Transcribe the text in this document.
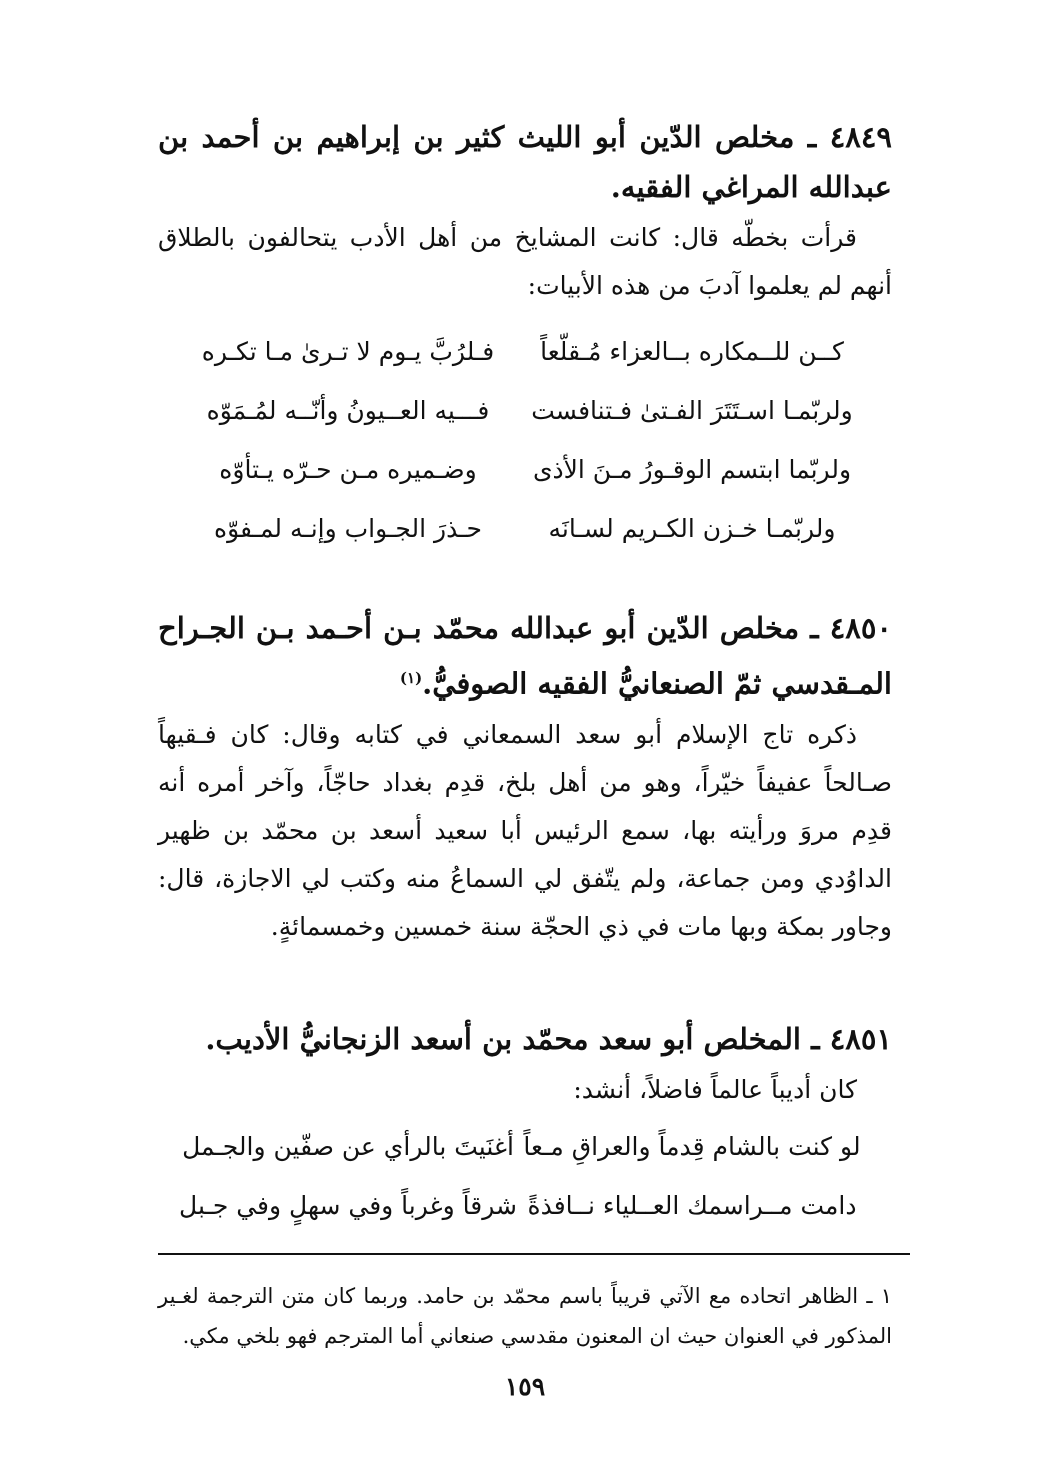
٤٨٤٩ ـ مخلص الدّين أبو الليث كثير بن إبراهيم بن أحمد بن عبدالله المراغي الفقيه.

قرأت بخطّه قال: كانت المشايخ من أهل الأدب يتحالفون بالطلاق أنهم لم يعلموا آدبَ من هذه الأبيات:

كــن للــمكاره بــالعزاء مُـقلّعاً
فـلرُبَّ يـوم لا تـرىٰ مـا تكـره
ولربّمـا اسـتَتَرَ الفـتىٰ فـتنافست
فـــيه العــيونُ وأنّــه لمُـمَوّه
ولربّما ابتسم الوقـورُ مـنَ الأذى
وضـميره مـن حـرّه يـتأوّه
ولربّمـا خـزن الكـريم لسـانَه
حـذرَ الجـواب وإنـه لمـفوّه

٤٨٥٠ ـ مخلص الدّين أبو عبدالله محمّد بـن أحـمد بـن الجـراح المـقدسي ثمّ الصنعانيُّ الفقيه الصوفيُّ.$^{(١)}$

ذكره تاج الإسلام أبو سعد السمعاني في كتابه وقال: كان فـقيهاً صـالحاً عفيفاً خيّراً، وهو من أهل بلخ، قدِم بغداد حاجّاً، وآخر أمره أنه قدِم مروَ ورأيته بها، سمع الرئيس أبا سعيد أسعد بن محمّد بن ظهير الداوُدي ومن جماعة، ولم يتّفق لي السماعُ منه وكتب لي الاجازة، قال: وجاور بمكة وبها مات في ذي الحجّة سنة خمسين وخمسمائةٍ.

٤٨٥١ ـ المخلص أبو سعد محمّد بن أسعد الزنجانيُّ الأديب.

كان أديباً عالماً فاضلاً، أنشد:

لو كنت بالشام قِدماً والعراقِ مـعاً
أغنَيتَ بالرأي عن صفّين والجـمل
دامت مــراسمك العــلياء نــافذةً
شرقاً وغرباً وفي سهلٍ وفي جـبل

١ ـ الظاهر اتحاده مع الآتي قريباً باسم محمّد بن حامد. وربما كان متن الترجمة لغـير المذكور في العنوان حيث ان المعنون مقدسي صنعاني أما المترجم فهو بلخي مكي.

١٥٩
